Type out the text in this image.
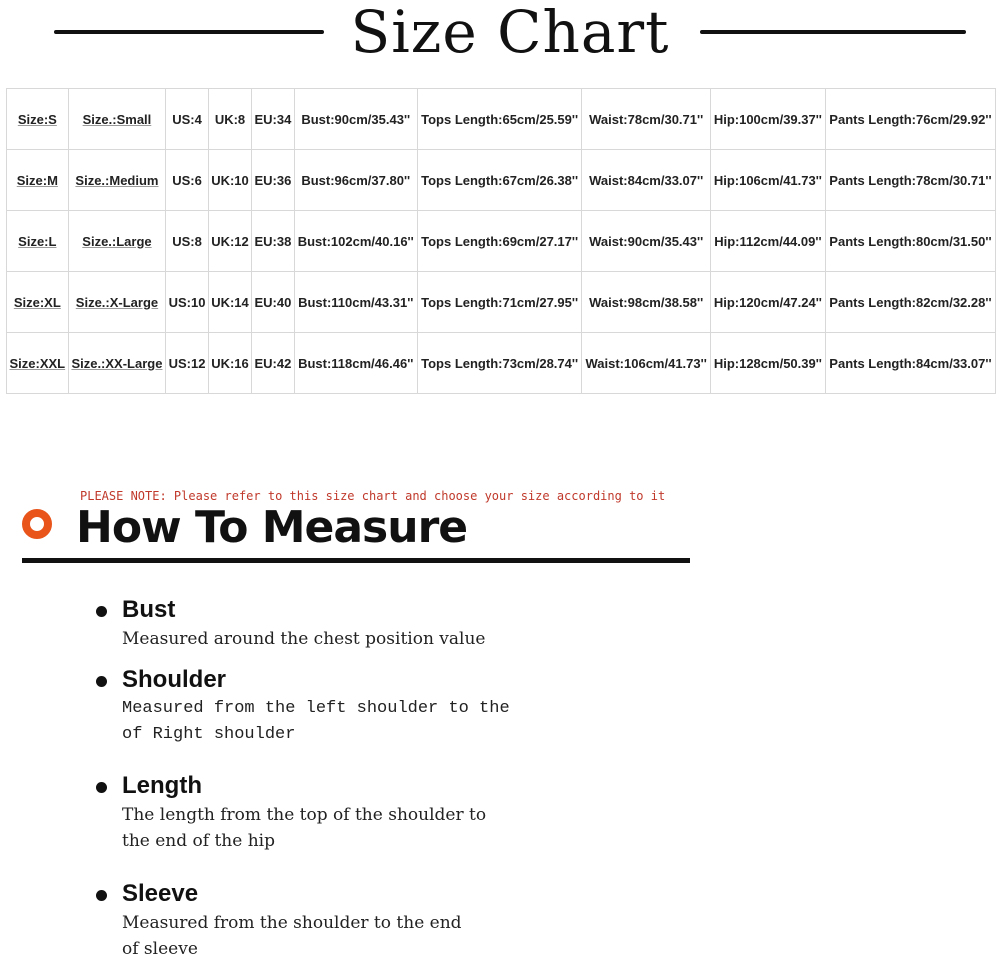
Size Chart
Size:S	Size.:Small	US:4	UK:8	EU:34	Bust:90cm/35.43''	Tops Length:65cm/25.59''	Waist:78cm/30.71''	Hip:100cm/39.37''	Pants Length:76cm/29.92''
Size:M	Size.:Medium	US:6	UK:10	EU:36	Bust:96cm/37.80''	Tops Length:67cm/26.38''	Waist:84cm/33.07''	Hip:106cm/41.73''	Pants Length:78cm/30.71''
Size:L	Size.:Large	US:8	UK:12	EU:38	Bust:102cm/40.16''	Tops Length:69cm/27.17''	Waist:90cm/35.43''	Hip:112cm/44.09''	Pants Length:80cm/31.50''
Size:XL	Size.:X-Large	US:10	UK:14	EU:40	Bust:110cm/43.31''	Tops Length:71cm/27.95''	Waist:98cm/38.58''	Hip:120cm/47.24''	Pants Length:82cm/32.28''
Size:XXL	Size.:XX-Large	US:12	UK:16	EU:42	Bust:118cm/46.46''	Tops Length:73cm/28.74''	Waist:106cm/41.73''	Hip:128cm/50.39''	Pants Length:84cm/33.07''
PLEASE NOTE: Please refer to this size chart and choose your size according to it
How To Measure
Bust
Measured around the chest position value
Shoulder
Measured from the left shoulder to the
of Right shoulder
Length
The length from the top of the shoulder to
the end of the hip
Sleeve
Measured from the shoulder to the end
of sleeve
